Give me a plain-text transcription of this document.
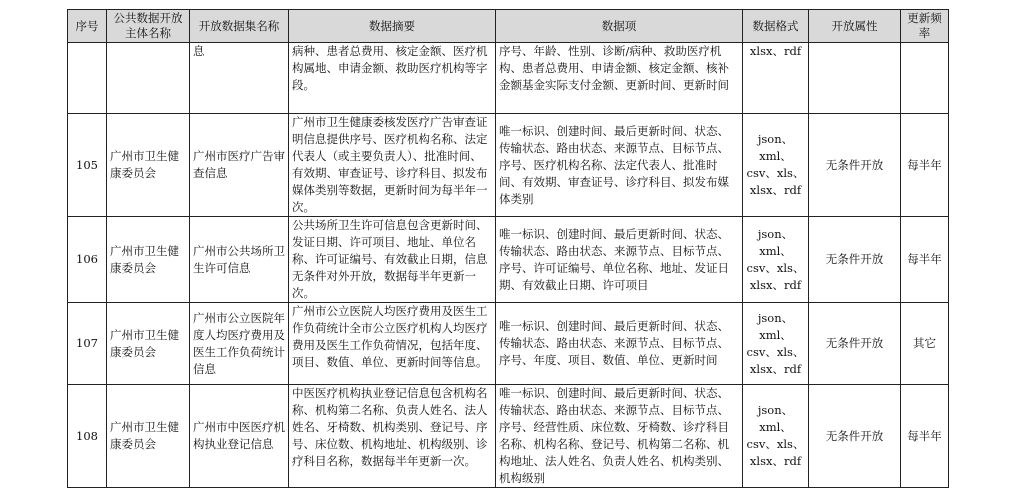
序号	公共数据开放主体名称	开放数据集名称	数据摘要	数据项	数据格式	开放属性	更新频率
		息	病种、患者总费用、核定金额、医疗机构属地、申请金额、救助医疗机构等字段。	序号、年龄、性别、诊断/病种、救助医疗机构、患者总费用、申请金额、核定金额、核补金额基金实际支付金额、更新时间、更新时间	xlsx、rdf		
105	广州市卫生健康委员会	广州市医疗广告审查信息	广州市卫生健康委核发医疗广告审查证明信息提供序号、医疗机构名称、法定代表人（或主要负责人）、批准时间、有效期、审查证号、诊疗科目、拟发布媒体类别等数据，更新时间为每半年一次。	唯一标识、创建时间、最后更新时间、状态、传输状态、路由状态、来源节点、目标节点、序号、医疗机构名称、法定代表人、批准时间、有效期、审查证号、诊疗科目、拟发布媒体类别	json、xml、csv、xls、xlsx、rdf	无条件开放	每半年
106	广州市卫生健康委员会	广州市公共场所卫生许可信息	公共场所卫生许可信息包含更新时间、发证日期、许可项目、地址、单位名称、许可证编号、有效截止日期，信息无条件对外开放，数据每半年更新一次。	唯一标识、创建时间、最后更新时间、状态、传输状态、路由状态、来源节点、目标节点、序号、许可证编号、单位名称、地址、发证日期、有效截止日期、许可项目	json、xml、csv、xls、xlsx、rdf	无条件开放	每半年
107	广州市卫生健康委员会	广州市公立医院年度人均医疗费用及医生工作负荷统计信息	广州市公立医院人均医疗费用及医生工作负荷统计全市公立医疗机构人均医疗费用及医生工作负荷情况，包括年度、项目、数值、单位、更新时间等信息。	唯一标识、创建时间、最后更新时间、状态、传输状态、路由状态、来源节点、目标节点、序号、年度、项目、数值、单位、更新时间	json、xml、csv、xls、xlsx、rdf	无条件开放	其它
108	广州市卫生健康委员会	广州市中医医疗机构执业登记信息	中医医疗机构执业登记信息包含机构名称、机构第二名称、负责人姓名、法人姓名、牙椅数、机构类别、登记号、序号、床位数、机构地址、机构级别、诊疗科目名称，数据每半年更新一次。	唯一标识、创建时间、最后更新时间、状态、传输状态、路由状态、来源节点、目标节点、序号、经营性质、床位数、牙椅数、诊疗科目名称、机构名称、登记号、机构第二名称、机构地址、法人姓名、负责人姓名、机构类别、机构级别	json、xml、csv、xls、xlsx、rdf	无条件开放	每半年
